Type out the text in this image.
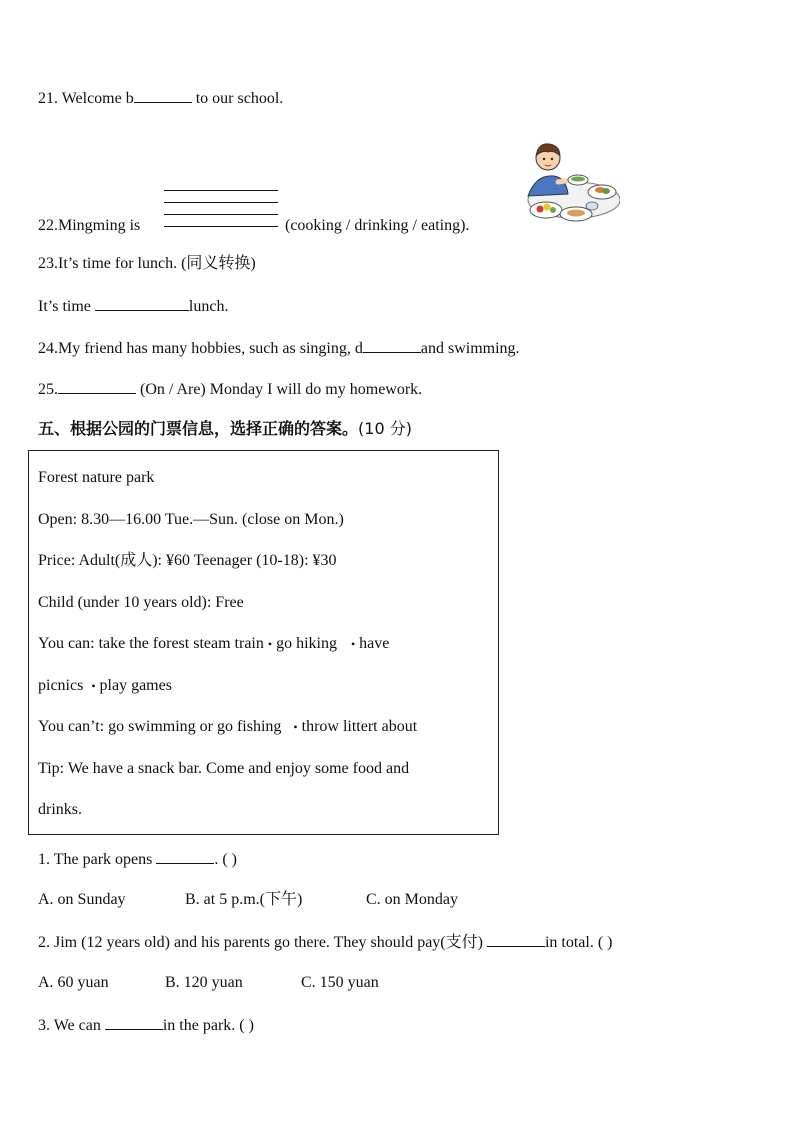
21. Welcome b	to our school.
22.Mingming is	(cooking / drinking / eating).
23.It’s time for lunch. (同义转换)
It’s time	lunch.
24.My friend has many hobbies, such as singing, d	and swimming.
25.	(On / Are) Monday I will do my homework.
五、根据公园的门票信息，选择正确的答案。(10 分)
Forest nature park
Open: 8.30—16.00 Tue.—Sun. (close on Mon.)
Price: Adult(成人): ¥60 Teenager (10-18): ¥30
Child (under 10 years old): Free
You can: take the forest steam train • go hiking • have
picnics • play games
You can’t: go swimming or go fishing • throw littert about
Tip: We have a snack bar. Come and enjoy some food and
drinks.
1. The park opens	. ( )
A. on Sunday	B. at 5 p.m.(下午)	C. on Monday
2. Jim (12 years old) and his parents go there. They should pay(支付)	in total. ( )
A. 60 yuan	B. 120 yuan	C. 150 yuan
3. We can	in the park. ( )
